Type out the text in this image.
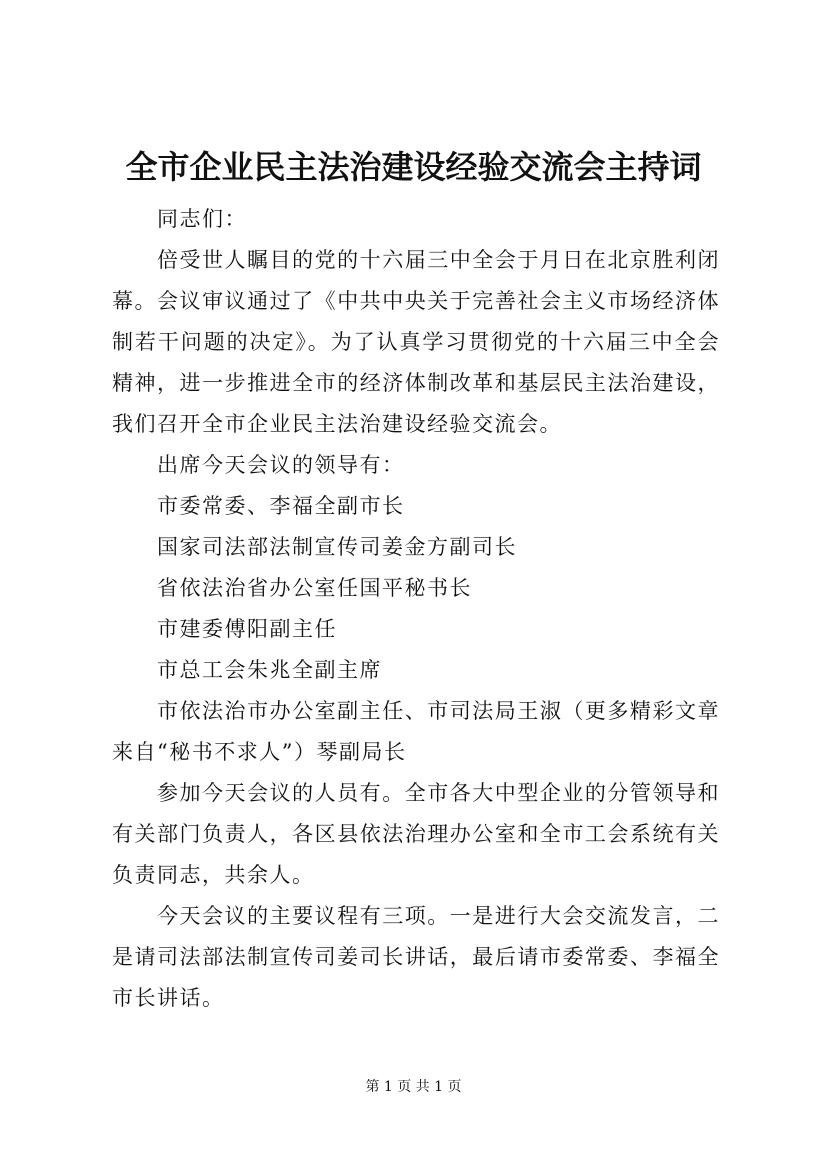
全市企业民主法治建设经验交流会主持词

同志们：

倍受世人瞩目的党的十六届三中全会于月日在北京胜利闭幕。会议审议通过了《中共中央关于完善社会主义市场经济体制若干问题的决定》。为了认真学习贯彻党的十六届三中全会精神，进一步推进全市的经济体制改革和基层民主法治建设，我们召开全市企业民主法治建设经验交流会。

出席今天会议的领导有：

市委常委、李福全副市长

国家司法部法制宣传司姜金方副司长

省依法治省办公室任国平秘书长

市建委傅阳副主任

市总工会朱兆全副主席

市依法治市办公室副主任、市司法局王淑（更多精彩文章来自“秘书不求人”）琴副局长

参加今天会议的人员有。全市各大中型企业的分管领导和有关部门负责人，各区县依法治理办公室和全市工会系统有关负责同志，共余人。

今天会议的主要议程有三项。一是进行大会交流发言，二是请司法部法制宣传司姜司长讲话，最后请市委常委、李福全市长讲话。

第 1 页 共 1 页
